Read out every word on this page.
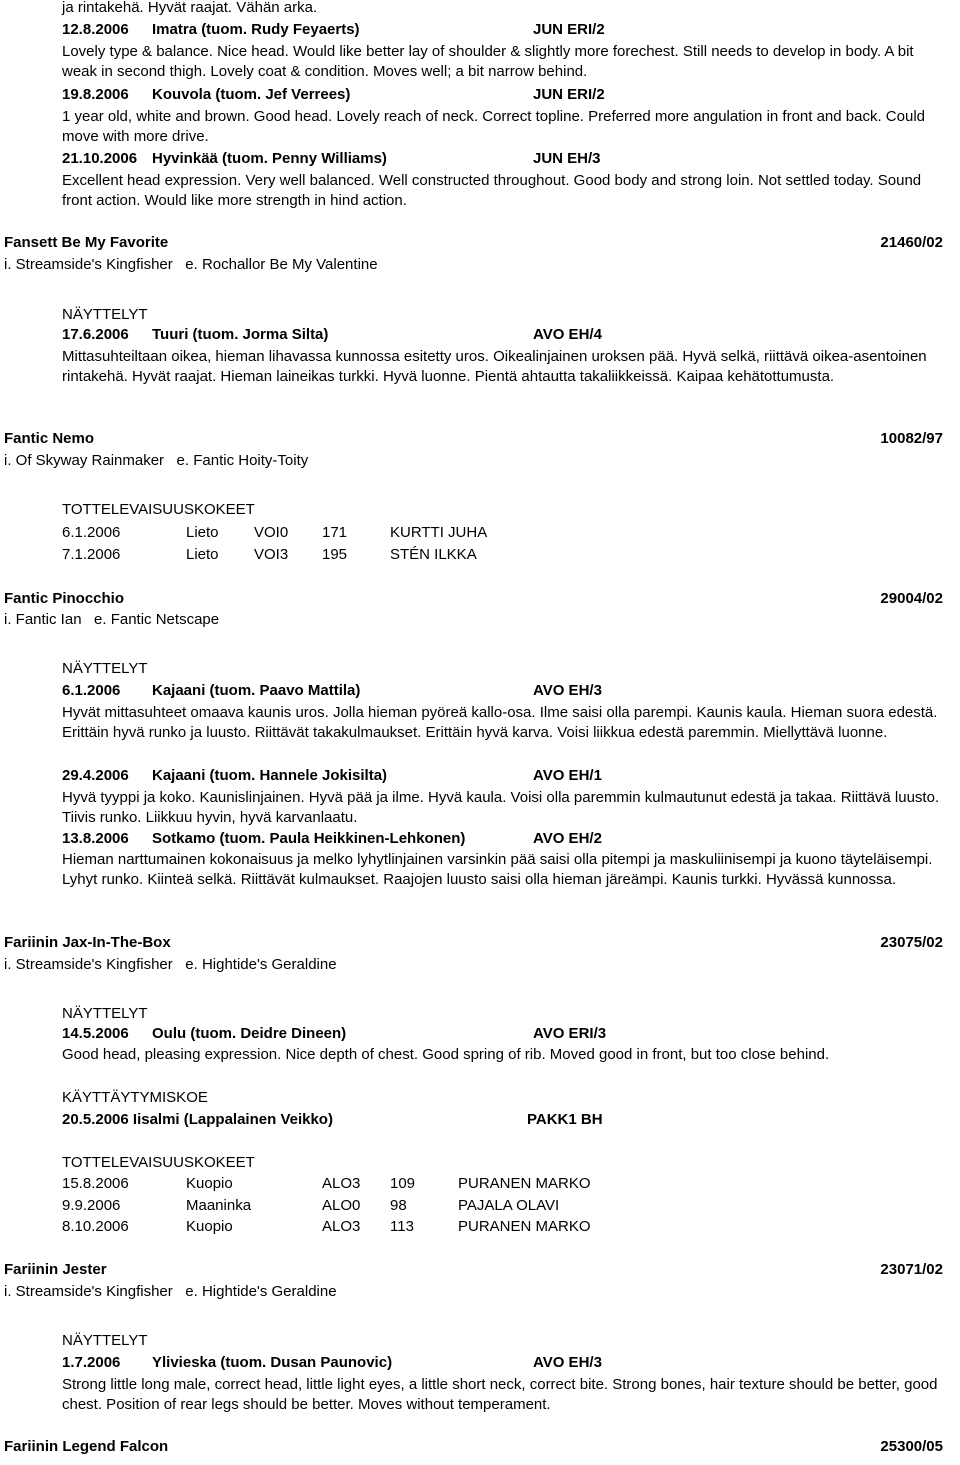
ja rintakehä. Hyvät raajat. Vähän arka.
12.8.2006 Imatra (tuom. Rudy Feyaerts)	JUN ERI/2
Lovely type & balance. Nice head. Would like better lay of shoulder & slightly more forechest. Still needs to develop in body. A bit weak in second thigh. Lovely coat & condition. Moves well; a bit narrow behind.
19.8.2006 Kouvola (tuom. Jef Verrees)	JUN ERI/2
1 year old, white and brown. Good head. Lovely reach of neck. Correct topline. Preferred more angulation in front and back. Could move with more drive.
21.10.2006 Hyvinkää (tuom. Penny Williams)	JUN EH/3
Excellent head expression. Very well balanced. Well constructed throughout. Good body and strong loin. Not settled today. Sound front action. Would like more strength in hind action.
Fansett Be My Favorite	21460/02
i. Streamside's Kingfisher   e. Rochallor Be My Valentine
NÄYTTELYT
17.6.2006 Tuuri (tuom. Jorma Silta)	AVO EH/4
Mittasuhteiltaan oikea, hieman lihavassa kunnossa esitetty uros. Oikealinjainen uroksen pää. Hyvä selkä, riittävä oikea-asentoinen rintakehä. Hyvät raajat. Hieman laineikas turkki. Hyvä luonne. Pientä ahtautta takaliikkeissä. Kaipaa kehätottumusta.
Fantic Nemo	10082/97
i. Of Skyway Rainmaker   e. Fantic Hoity-Toity
TOTTELEVAISUUSKOKEET
6.1.2006	Lieto VOI0 171	KURTTI JUHA
7.1.2006	Lieto VOI3 195	STÉN ILKKA
Fantic Pinocchio	29004/02
i. Fantic Ian   e. Fantic Netscape
NÄYTTELYT
6.1.2006 Kajaani (tuom. Paavo Mattila)	AVO EH/3
Hyvät mittasuhteet omaava kaunis uros. Jolla hieman pyöreä kallo-osa. Ilme saisi olla parempi. Kaunis kaula. Hieman suora edestä. Erittäin hyvä runko ja luusto. Riittävät takakulmaukset. Erittäin hyvä karva. Voisi liikkua edestä paremmin. Miellyttävä luonne.
29.4.2006 Kajaani (tuom. Hannele Jokisilta)	AVO EH/1
Hyvä tyyppi ja koko. Kaunislinjainen. Hyvä pää ja ilme. Hyvä kaula. Voisi olla paremmin kulmautunut edestä ja takaa. Riittävä luusto. Tiivis runko. Liikkuu hyvin, hyvä karvanlaatu.
13.8.2006 Sotkamo (tuom. Paula Heikkinen-Lehkonen)	AVO EH/2
Hieman narttumainen kokonaisuus ja melko lyhytlinjainen varsinkin pää saisi olla pitempi ja maskuliinisempi ja kuono täyteläisempi. Lyhyt runko. Kiinteä selkä. Riittävät kulmaukset. Raajojen luusto saisi olla hieman järeämpi. Kaunis turkki. Hyvässä kunnossa.
Fariinin Jax-In-The-Box	23075/02
i. Streamside's Kingfisher   e. Hightide's Geraldine
NÄYTTELYT
14.5.2006 Oulu (tuom. Deidre Dineen)	AVO ERI/3
Good head, pleasing expression. Nice depth of chest. Good spring of rib. Moved good in front, but too close behind.
KÄYTTÄYTYMISKOE
20.5.2006 Iisalmi (Lappalainen Veikko)	PAKK1 BH
TOTTELEVAISUUSKOKEET
15.8.2006	Kuopio	ALO3 109	PURANEN MARKO
9.9.2006	Maaninka	ALO0 98	PAJALA OLAVI
8.10.2006	Kuopio	ALO3 113	PURANEN MARKO
Fariinin Jester	23071/02
i. Streamside's Kingfisher   e. Hightide's Geraldine
NÄYTTELYT
1.7.2006 Ylivieska (tuom. Dusan Paunovic)	AVO EH/3
Strong little long male, correct head, little light eyes, a little short neck, correct bite. Strong bones, hair texture should be better, good chest. Position of rear legs should be better. Moves without temperament.
Fariinin Legend Falcon	25300/05
